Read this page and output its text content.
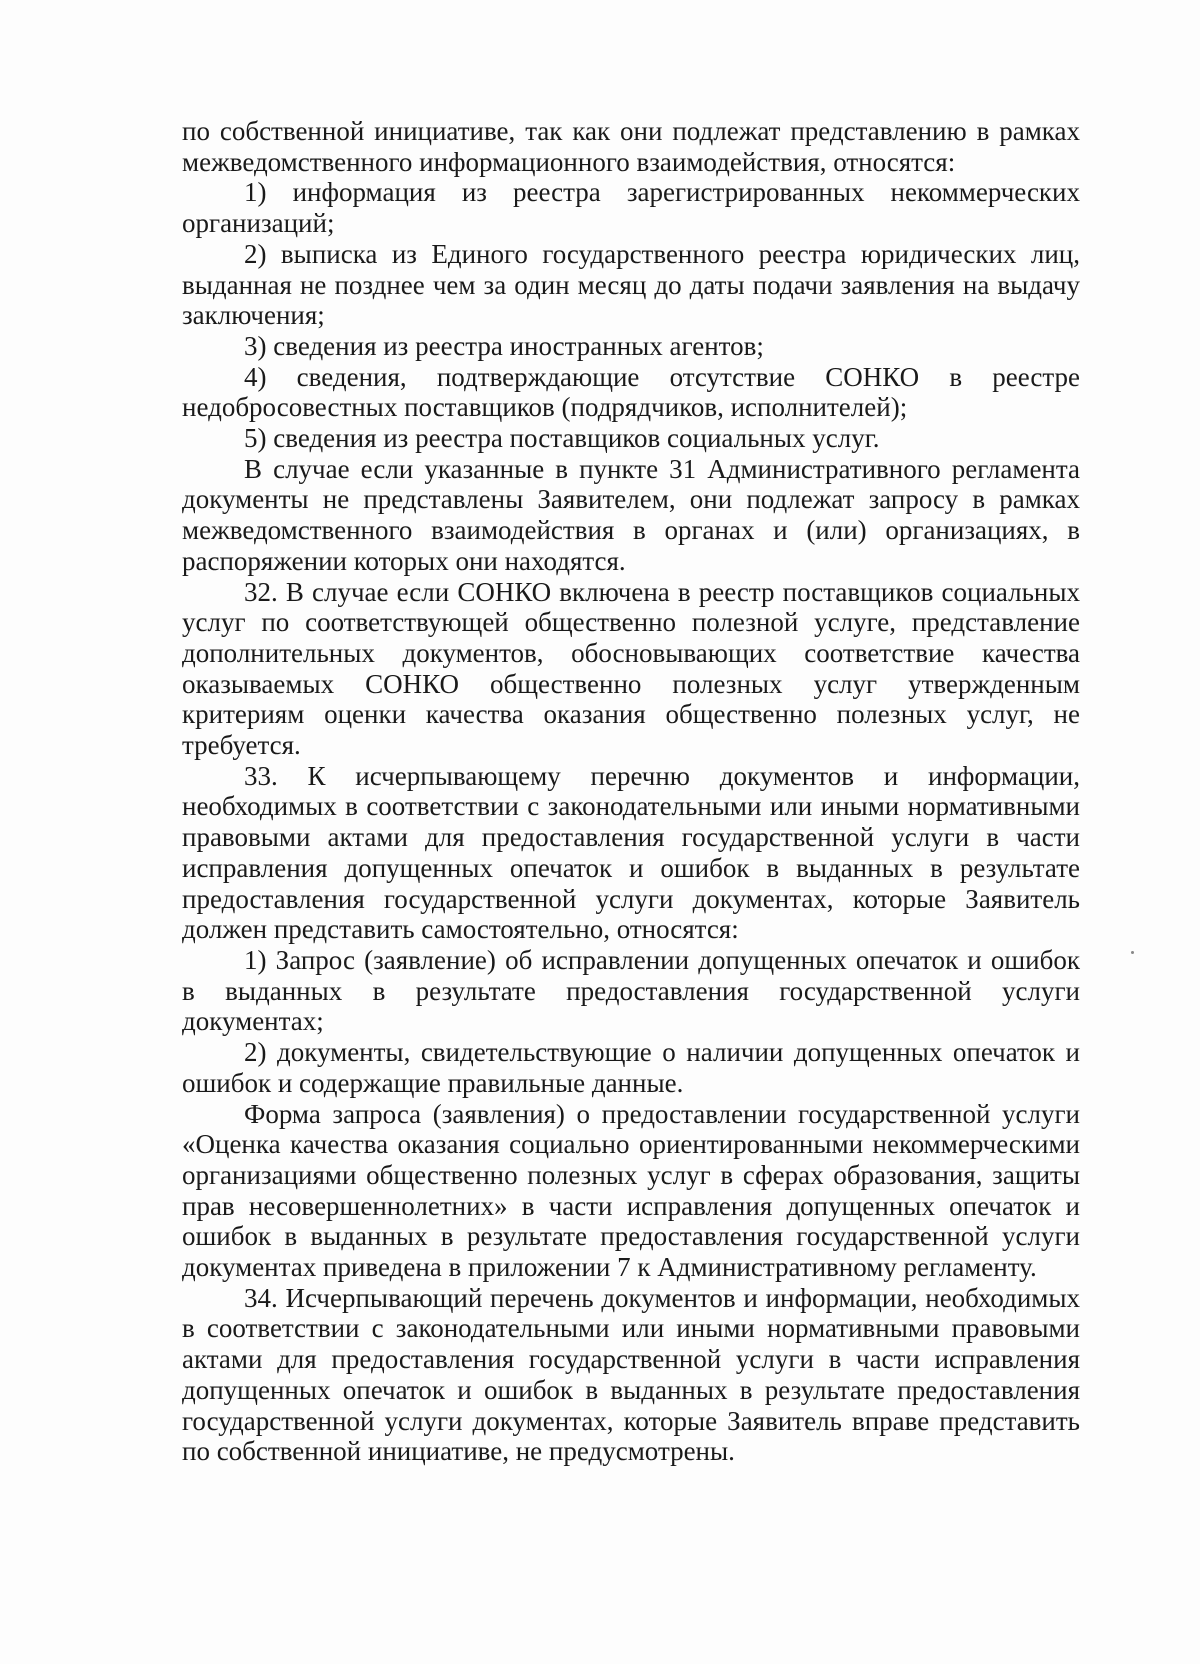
по собственной инициативе, так как они подлежат представлению в рамках межведомственного информационного взаимодействия, относятся:

1) информация из реестра зарегистрированных некоммерческих организаций;

2) выписка из Единого государственного реестра юридических лиц, выданная не позднее чем за один месяц до даты подачи заявления на выдачу заключения;

3) сведения из реестра иностранных агентов;

4) сведения, подтверждающие отсутствие СОНКО в реестре недобросовестных поставщиков (подрядчиков, исполнителей);

5) сведения из реестра поставщиков социальных услуг.

В случае если указанные в пункте 31 Административного регламента документы не представлены Заявителем, они подлежат запросу в рамках межведомственного взаимодействия в органах и (или) организациях, в распоряжении которых они находятся.

32. В случае если СОНКО включена в реестр поставщиков социальных услуг по соответствующей общественно полезной услуге, представление дополнительных документов, обосновывающих соответствие качества оказываемых СОНКО общественно полезных услуг утвержденным критериям оценки качества оказания общественно полезных услуг, не требуется.

33. К исчерпывающему перечню документов и информации, необходимых в соответствии с законодательными или иными нормативными правовыми актами для предоставления государственной услуги в части исправления допущенных опечаток и ошибок в выданных в результате предоставления государственной услуги документах, которые Заявитель должен представить самостоятельно, относятся:

1) Запрос (заявление) об исправлении допущенных опечаток и ошибок в выданных в результате предоставления государственной услуги документах;

2) документы, свидетельствующие о наличии допущенных опечаток и ошибок и содержащие правильные данные.

Форма запроса (заявления) о предоставлении государственной услуги «Оценка качества оказания социально ориентированными некоммерческими организациями общественно полезных услуг в сферах образования, защиты прав несовершеннолетних» в части исправления допущенных опечаток и ошибок в выданных в результате предоставления государственной услуги документах приведена в приложении 7 к Административному регламенту.

34. Исчерпывающий перечень документов и информации, необходимых в соответствии с законодательными или иными нормативными правовыми актами для предоставления государственной услуги в части исправления допущенных опечаток и ошибок в выданных в результате предоставления государственной услуги документах, которые Заявитель вправе представить по собственной инициативе, не предусмотрены.
